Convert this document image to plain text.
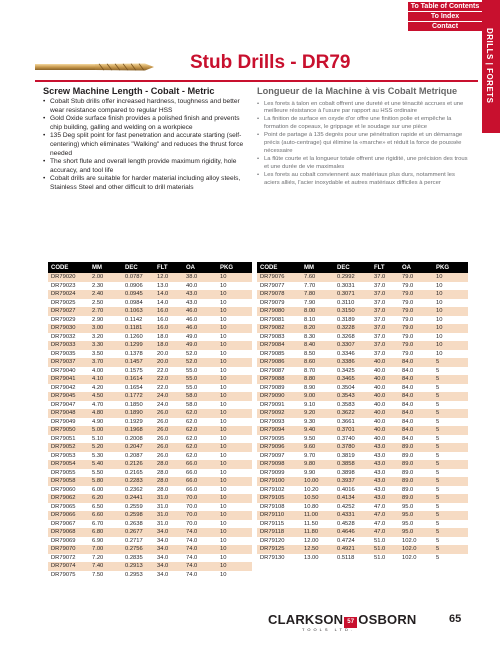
To Table of Contents
To Index
Contact
DRILLS | FORETS
Stub Drills - DR79
Screw Machine Length - Cobalt - Metric
• Cobalt Stub drills offer increased hardness, toughness and better wear resistance compared to regular HSS
• Gold Oxide surface finish provides a polished finish and prevents chip building, galling and welding on a workpiece
• 135 Deg split point for fast penetration and accurate starting (self-centering) which eliminates "Walking" and reduces the thrust force needed
• The short flute and overall length provide maximum rigidity, hole accuracy, and tool life
• Cobalt drills are suitable for harder material including alloy steels, Stainless Steel and other difficult to drill materials
Longueur de la Machine à vis Cobalt Metrique
• Les forets à talon en cobalt offrent une dureté et une ténacité accrues et une meilleure résistance à l'usure par rapport au HSS ordinaire
• La finition de surface en oxyde d'or offre une finition polie et empêche la formation de copeaux, le grippage et le soudage sur une pièce
• Point de partage à 135 degrés pour une pénétration rapide et un démarrage précis (auto-centrage) qui élimine la «marche» et réduit la force de poussée nécessaire
• La flûte courte et la longueur totale offrent une rigidité, une précision des trous et une durée de vie maximales
• Les forets au cobalt conviennent aux matériaux plus durs, notamment les aciers alliés, l'acier inoxydable et autres matériaux difficiles à percer
CODE	MM	DEC	FLT	OA	PKG
DR79020	2.00	0.0787	12.0	38.0	10
DR79023	2.30	0.0906	13.0	40.0	10
DR79024	2.40	0.0945	14.0	43.0	10
DR79025	2.50	0.0984	14.0	43.0	10
DR79027	2.70	0.1063	16.0	46.0	10
DR79029	2.90	0.1142	16.0	46.0	10
DR79030	3.00	0.1181	16.0	46.0	10
DR79032	3.20	0.1260	18.0	49.0	10
DR79033	3.30	0.1299	18.0	49.0	10
DR79035	3.50	0.1378	20.0	52.0	10
DR79037	3.70	0.1457	20.0	52.0	10
DR79040	4.00	0.1575	22.0	55.0	10
DR79041	4.10	0.1614	22.0	55.0	10
DR79042	4.20	0.1654	22.0	55.0	10
DR79045	4.50	0.1772	24.0	58.0	10
DR79047	4.70	0.1850	24.0	58.0	10
DR79048	4.80	0.1890	26.0	62.0	10
DR79049	4.90	0.1929	26.0	62.0	10
DR79050	5.00	0.1968	26.0	62.0	10
DR79051	5.10	0.2008	26.0	62.0	10
DR79052	5.20	0.2047	26.0	62.0	10
DR79053	5.30	0.2087	26.0	62.0	10
DR79054	5.40	0.2126	28.0	66.0	10
DR79055	5.50	0.2165	28.0	66.0	10
DR79058	5.80	0.2283	28.0	66.0	10
DR79060	6.00	0.2362	28.0	66.0	10
DR79062	6.20	0.2441	31.0	70.0	10
DR79065	6.50	0.2559	31.0	70.0	10
DR79066	6.60	0.2598	31.0	70.0	10
DR79067	6.70	0.2638	31.0	70.0	10
DR79068	6.80	0.2677	34.0	74.0	10
DR79069	6.90	0.2717	34.0	74.0	10
DR79070	7.00	0.2756	34.0	74.0	10
DR79072	7.20	0.2835	34.0	74.0	10
DR79074	7.40	0.2913	34.0	74.0	10
DR79075	7.50	0.2953	34.0	74.0	10
CODE	MM	DEC	FLT	OA	PKG
DR79076	7.60	0.2992	37.0	79.0	10
DR79077	7.70	0.3031	37.0	79.0	10
DR79078	7.80	0.3071	37.0	79.0	10
DR79079	7.90	0.3110	37.0	79.0	10
DR79080	8.00	0.3150	37.0	79.0	10
DR79081	8.10	0.3189	37.0	79.0	10
DR79082	8.20	0.3228	37.0	79.0	10
DR79083	8.30	0.3268	37.0	79.0	10
DR79084	8.40	0.3307	37.0	79.0	10
DR79085	8.50	0.3346	37.0	79.0	10
DR79086	8.60	0.3386	40.0	84.0	5
DR79087	8.70	0.3425	40.0	84.0	5
DR79088	8.80	0.3465	40.0	84.0	5
DR79089	8.90	0.3504	40.0	84.0	5
DR79090	9.00	0.3543	40.0	84.0	5
DR79091	9.10	0.3583	40.0	84.0	5
DR79092	9.20	0.3622	40.0	84.0	5
DR79093	9.30	0.3661	40.0	84.0	5
DR79094	9.40	0.3701	40.0	84.0	5
DR79095	9.50	0.3740	40.0	84.0	5
DR79096	9.60	0.3780	43.0	89.0	5
DR79097	9.70	0.3819	43.0	89.0	5
DR79098	9.80	0.3858	43.0	89.0	5
DR79099	9.90	0.3898	43.0	89.0	5
DR79100	10.00	0.3937	43.0	89.0	5
DR79102	10.20	0.4016	43.0	89.0	5
DR79105	10.50	0.4134	43.0	89.0	5
DR79108	10.80	0.4252	47.0	95.0	5
DR79110	11.00	0.4331	47.0	95.0	5
DR79115	11.50	0.4528	47.0	95.0	5
DR79118	11.80	0.4646	47.0	95.0	5
DR79120	12.00	0.4724	51.0	102.0	5
DR79125	12.50	0.4921	51.0	102.0	5
DR79130	13.00	0.5118	51.0	102.0	5
CLARKSON 57 OSBORN
TOOLS LTD.
65
